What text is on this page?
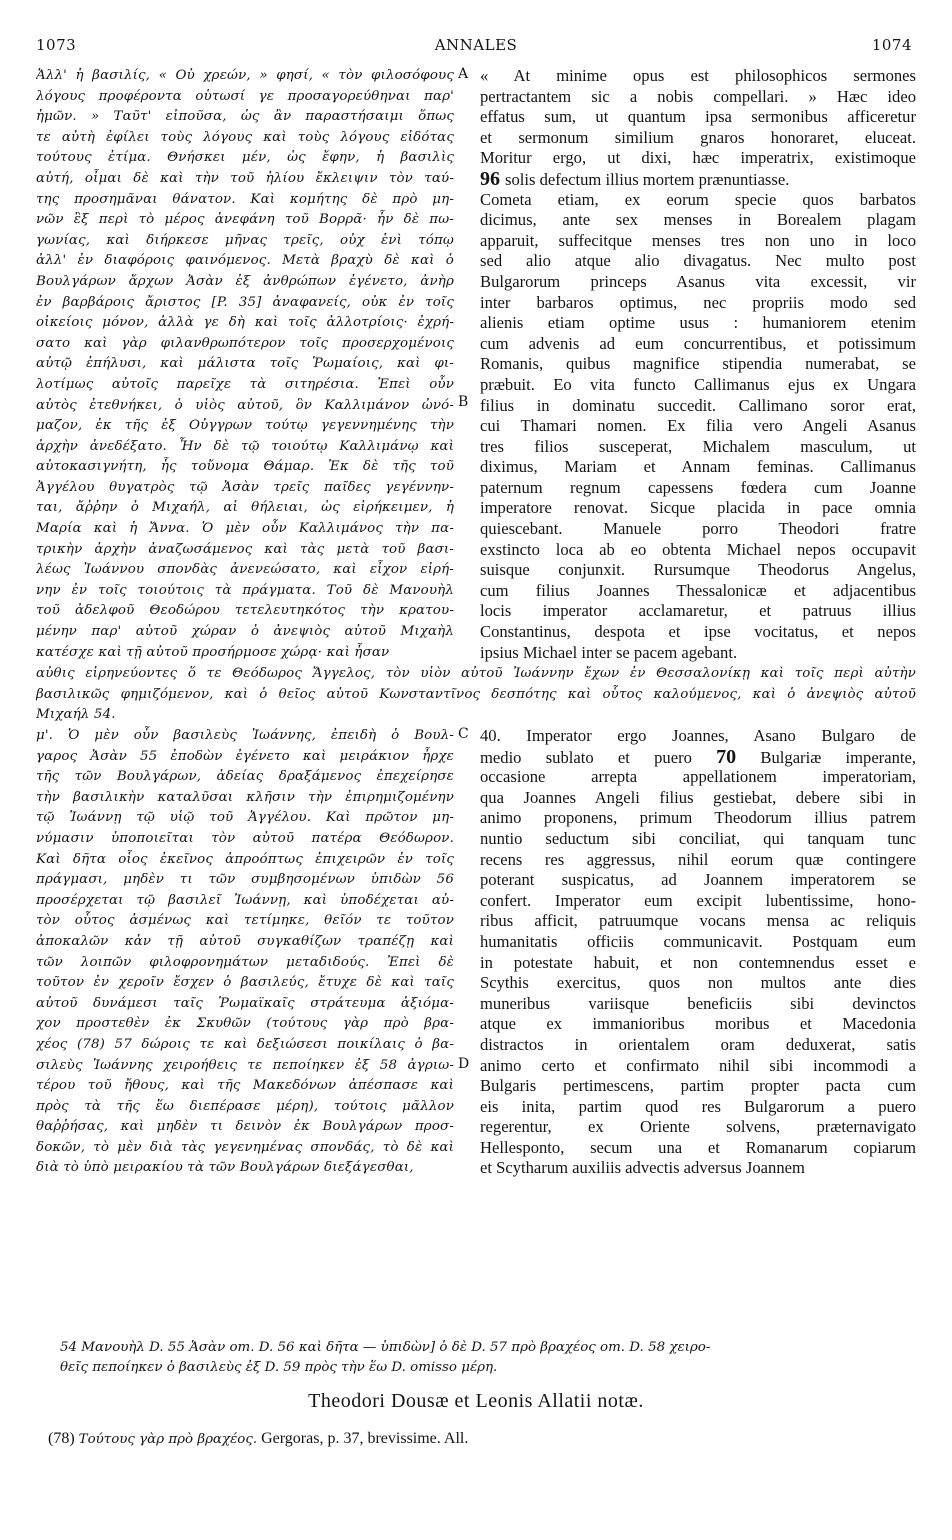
1073	ANNALES	1074
Ἀλλ' ἡ βασιλίς, « Οὐ χρεών, » φησί, « τὸν φιλοσόφους
λόγους προφέροντα οὑτωσί γε προσαγορεύθηναι παρ'
ἡμῶν. » Ταῦτ' εἰποῦσα, ὡς ἂν παραστήσαιμι ὅπως
τε αὐτὴ ἐφίλει τοὺς λόγους καὶ τοὺς λόγους εἰδότας
τούτους ἐτίμα. Θνήσκει μέν, ὡς ἔφην, ἡ βασιλὶς
αὐτή, οἶμαι δὲ καὶ τὴν τοῦ ἡλίου ἔκλειψιν τὸν ταύ-
της προσημᾶναι θάνατον. Καὶ κομήτης δὲ πρὸ μη-
νῶν ἓξ περὶ τὸ μέρος ἀνεφάνη τοῦ Βορρᾶ· ἦν δὲ πω-
γωνίας, καὶ διήρκεσε μῆνας τρεῖς, οὐχ ἑνὶ τόπῳ
ἀλλ' ἐν διαφόροις φαινόμενος. Μετὰ βραχὺ δὲ καὶ ὁ
Βουλγάρων ἄρχων Ἀσὰν ἐξ ἀνθρώπων ἐγένετο, ἀνὴρ
ἐν βαρβάροις ἄριστος [P. 35] ἀναφανείς, οὐκ ἐν τοῖς
οἰκείοις μόνον, ἀλλὰ γε δὴ καὶ τοῖς ἀλλοτρίοις· ἐχρή-
σατο καὶ γὰρ φιλανθρωπότερον τοῖς προσερχομένοις
αὐτῷ ἐπήλυσι, καὶ μάλιστα τοῖς Ῥωμαίοις, καὶ φι-
λοτίμως αὐτοῖς παρεῖχε τὰ σιτηρέσια. Ἐπεὶ οὖν
αὐτὸς ἐτεθνήκει, ὁ υἱὸς αὐτοῦ, ὃν Καλλιμάνον ὠνό-
μαζον, ἐκ τῆς ἐξ Οὐγγρων τούτῳ γεγεννημένης τὴν
ἀρχὴν ἀνεδέξατο. Ἦν δὲ τῷ τοιούτῳ Καλλιμάνῳ καὶ
αὐτοκασιγνήτη, ἧς τοὔνομα Θάμαρ. Ἐκ δὲ τῆς τοῦ
Ἀγγέλου θυγατρὸς τῷ Ἀσὰν τρεῖς παῖδες γεγέννην-
ται, ἄῤῥην ὁ Μιχαήλ, αἱ θήλειαι, ὡς εἰρήκειμεν, ἡ
Μαρία καὶ ἡ Ἄννα. Ὁ μὲν οὖν Καλλιμάνος τὴν πα-
τρικὴν ἀρχὴν ἀναζωσάμενος καὶ τὰς μετὰ τοῦ βασι-
λέως Ἰωάννου σπονδὰς ἀνενεώσατο, καὶ εἶχον εἰρή-
νην ἐν τοῖς τοιούτοις τὰ πράγματα. Τοῦ δὲ Μανουὴλ
τοῦ ἀδελφοῦ Θεοδώρου τετελευτηκότος τὴν κρατου-
μένην παρ' αὐτοῦ χώραν ὁ ἀνεψιὸς αὐτοῦ Μιχαὴλ
κατέσχε καὶ τῇ αὐτοῦ προσήρμοσε χώρᾳ· καὶ ἦσαν
« At minime opus est philosophicos sermones
pertractantem sic a nobis compellari. » Hæc ideo
effatus sum, ut quantum ipsa sermonibus afficeretur
et sermonum similium gnaros honoraret, eluceat.
Moritur ergo, ut dixi, hæc imperatrix, existimoque
96 solis defectum illius mortem prænuntiasse.
Cometa etiam, ex eorum specie quos barbatos
dicimus, ante sex menses in Borealem plagam
apparuit, suffecitque menses tres non uno in loco
sed alio atque alio divagatus. Nec multo post
Bulgarorum princeps Asanus vita excessit, vir
inter barbaros optimus, nec propriis modo sed
alienis etiam optime usus : humaniorem etenim
cum advenis ad eum concurrentibus, et potissimum
Romanis, quibus magnifice stipendia numerabat, se
præbuit. Eo vita functo Callimanus ejus ex Ungara
filius in dominatu succedit. Callimano soror erat,
cui Thamari nomen. Ex filia vero Angeli Asanus
tres filios susceperat, Michalem masculum, ut
diximus, Mariam et Annam feminas. Callimanus
paternum regnum capessens fœdera cum Joanne
imperatore renovat. Sicque placida in pace omnia
quiescebant. Manuele porro Theodori fratre
exstincto loca ab eo obtenta Michael nepos occupavit
suisque conjunxit. Rursumque Theodorus Angelus,
cum filius Joannes Thessalonicæ et adjacentibus
locis imperator acclamaretur, et patruus illius
Constantinus, despota et ipse vocitatus, et nepos
ipsius Michael inter se pacem agebant.
A
B
αὐθις εἰρηνεύοντες ὅ τε Θεόδωρος Ἄγγελος, τὸν υἱὸν αὐτοῦ Ἰωάννην ἔχων ἐν Θεσσαλονίκῃ καὶ τοῖς περὶ αὐτὴν
βασιλικῶς φημιζόμενον, καὶ ὁ θεῖος αὐτοῦ Κωνσταντῖνος δεσπότης καὶ οὗτος καλούμενος, καὶ ὁ ἀνεψιὸς αὐτοῦ
Μιχαήλ 54.
μ'. Ὁ μὲν οὖν βασιλεὺς Ἰωάννης, ἐπειδὴ ὁ Βουλ-
γαρος Ἀσὰν 55 ἐποδὼν ἐγένετο καὶ μειράκιον ἦρχε
τῆς τῶν Βουλγάρων, ἀδείας δραξάμενος ἐπεχείρησε
τὴν βασιλικὴν καταλῦσαι κλῆσιν τὴν ἐπιρημιζομένην
τῷ Ἰωάννῃ τῷ υἱῷ τοῦ Ἀγγέλου. Καὶ πρῶτον μη-
νύμασιν ὑποποιεῖται τὸν αὐτοῦ πατέρα Θεόδωρον.
Καὶ δῆτα οἷος ἐκεῖνος ἀπροόπτως ἐπιχειρῶν ἐν τοῖς
πράγμασι, μηδὲν τι τῶν συμβησομένων ὑπιδὼν 56
προσέρχεται τῷ βασιλεῖ Ἰωάννῃ, καὶ ὑποδέχεται αὐ-
τὸν οὗτος ἀσμένως καὶ τετίμηκε, θεῖόν τε τοῦτον
ἀποκαλῶν κἀν τῇ αὐτοῦ συγκαθίζων τραπέζῃ καὶ
τῶν λοιπῶν φιλοφρονημάτων μεταδιδούς. Ἐπεὶ δὲ
τοῦτον ἐν χεροῖν ἔσχεν ὁ βασιλεύς, ἔτυχε δὲ καὶ ταῖς
αὐτοῦ δυνάμεσι ταῖς Ῥωμαϊκαῖς στράτευμα ἀξιόμα-
χον προστεθὲν ἐκ Σκυθῶν (τούτους γὰρ πρὸ βρα-
χέος (78) 57 δώροις τε καὶ δεξιώσεσι ποικίλαις ὁ βα-
σιλεὺς Ἰωάννης χειροήθεις τε πεποίηκεν ἐξ 58 ἀγριω-
τέρου τοῦ ἤθους, καὶ τῆς Μακεδόνων ἀπέσπασε καὶ
πρὸς τὰ τῆς ἕω διεπέρασε μέρη), τούτοις μᾶλλον
θαῤῥήσας, καὶ μηδὲν τι δεινὸν ἐκ Βουλγάρων προσ-
δοκῶν, τὸ μὲν διὰ τὰς γεγενημένας σπονδάς, τὸ δὲ καὶ
διὰ τὸ ὑπὸ μειρακίου τὰ τῶν Βουλγάρων διεξάγεσθαι,
40. Imperator ergo Joannes, Asano Bulgaro de
medio sublato et puero 70 Bulgariæ imperante,
occasione arrepta appellationem imperatoriam,
qua Joannes Angeli filius gestiebat, debere sibi in
animo proponens, primum Theodorum illius patrem
nuntio seductum sibi conciliat, qui tanquam tunc
recens res aggressus, nihil eorum quæ contingere
poterant suspicatus, ad Joannem imperatorem se
confert. Imperator eum excipit lubentissime, hono-
ribus afficit, patruumque vocans mensa ac reliquis
humanitatis officiis communicavit. Postquam eum
in potestate habuit, et non contemnendus esset e
Scythis exercitus, quos non multos ante dies
muneribus variisque beneficiis sibi devinctos
atque ex immanioribus moribus et Macedonia
distractos in orientalem oram deduxerat, satis
animo certo et confirmato nihil sibi incommodi a
Bulgaris pertimescens, partim propter pacta cum
eis inita, partim quod res Bulgarorum a puero
regerentur, ex Oriente solvens, præternavigato
Hellesponto, secum una et Romanarum copiarum
et Scytharum auxiliis advectis adversus Joannem
C
D
54 Μανουὴλ D. 55 Ἀσὰν om. D. 56 καὶ δῆτα — ὑπιδὼν] ὁ δὲ D. 57 πρὸ βραχέος om. D. 58 χειρο-
θεῖς πεποίηκεν ὁ βασιλεὺς ἐξ D. 59 πρὸς τὴν ἕω D. omisso μέρη.
Theodori Dousæ et Leonis Allatii notæ.
(78) Τούτους γὰρ πρὸ βραχέος. Gergoras, p. 37, brevissime. All.
